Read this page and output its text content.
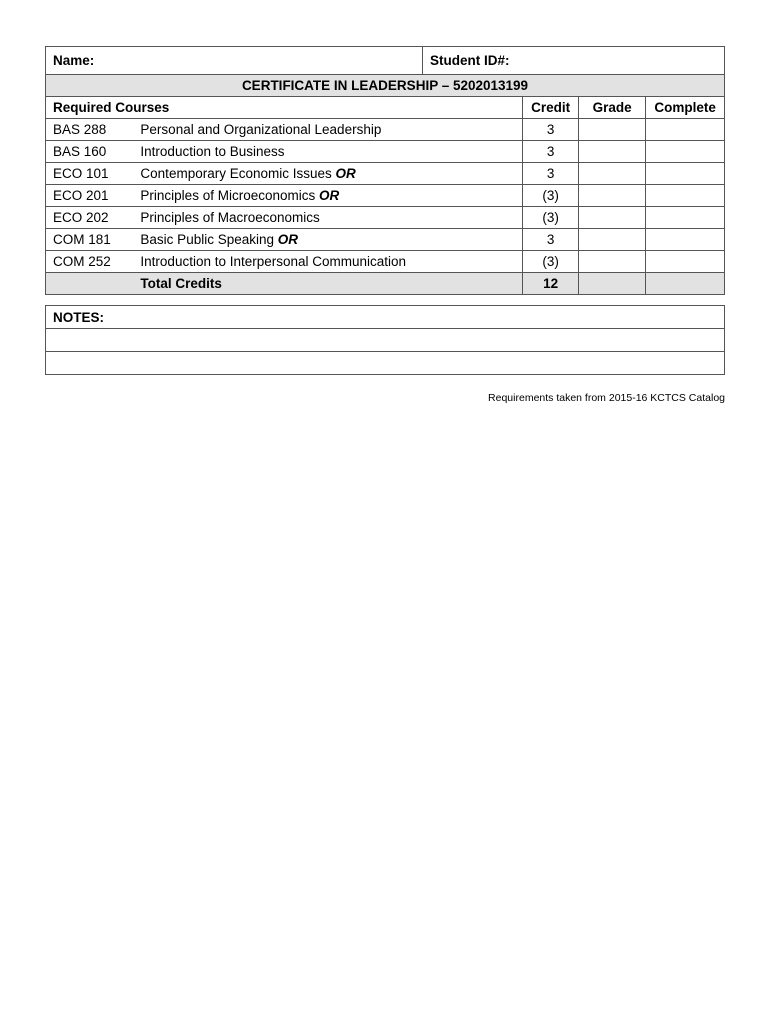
Name:		Student ID#:			
CERTIFICATE IN LEADERSHIP – 5202013199					
Required Courses			Credit	Grade	Complete
BAS 288	Personal and Organizational Leadership		3		
BAS 160	Introduction to Business		3		
ECO 101	Contemporary Economic Issues OR		3		
ECO 201	Principles of Microeconomics OR		(3)		
ECO 202	Principles of Macroeconomics		(3)		
COM 181	Basic Public Speaking OR		3		
COM 252	Introduction to Interpersonal Communication		(3)		
	Total Credits		12		
NOTES:

Requirements taken from 2015-16 KCTCS Catalog
